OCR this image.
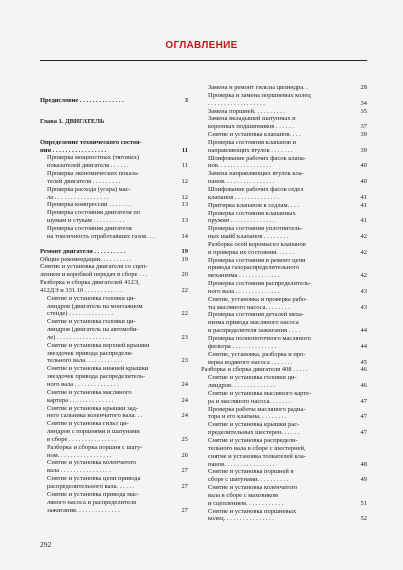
ОГЛАВЛЕНИЕ
Предисловие . . . . . . . . . . . . . .	3
Глава 1. ДВИГАТЕЛЬ
Определение технического состоя-
ния . . . . . . . . . . . . . . . . .	11
Проверка мощностных (тяговых)
показателей двигателя . . . . . .	11
Проверка экономических показа-
телей двигателя . . . . . . . . .	12
Проверка расхода (угара) мас-
ла . . . . . . . . . . . . . . . . .	12
Проверка компрессии . . . . . . .	13
Проверка состояния двигателя по
шумам и стукам . . . . . . . . . .	13
Проверка состояния двигателя
на токсичность отработавших газов. . .	14
Ремонт двигателя . . . . . . . . . .	19
Общие рекомендации. . . . . . . . . .	19
Снятие и установка двигателя со сцеп-
лением и коробкой передач в сборе . . .	20
Разборка и сборка двигателей 412Э,
412ДЭ и 331.10 . . . . . . . . . . . .	22
Снятие и установка головки ци-
линдров (двигатель на монтажном
стенде) . . . . . . . . . . . . . .	22
Снятие и установка головки ци-
линдров (двигатель на автомоби-
ле) . . . . . . . . . . . . . . . . .	23
Снятие и установка верхней крышки
звездочек привода распредели-
тельного вала. . . . . . . . . . . .	23
Снятие и установка нижней крышки
звездочек привода распределитель-
ного вала . . . . . . . . . . . . . .	24
Снятие и установка масляного
картера . . . . . . . . . . . . . .	24
Снятие и установка крышки зад-
него сальника коленчатого вала. . .	24
Снятие и установка гильз ци-
линдров с поршнями и шатунами
в сборе . . . . . . . . . . . . . . .	25
Разборка и сборка поршня с шату-
ном. . . . . . . . . . . . . . . . .	26
Снятие и установка коленчатого
вала . . . . . . . . . . . . . . . .	27
Снятие и установка цепи привода
распределительного вала. . . . . .	27
Снятие и установка привода мас-
ляного насоса и распределителя
зажигания. . . . . . . . . . . . . .	27
Замена и ремонт гильзы цилиндра. .	28
Проверка и замена поршневых колец
. . . . . . . . . . . . . . . . . .	34
Замена поршней. . . . . . . . . .	35
Замена вкладышей шатунных и
коренных подшипников . . . . . .	37
Снятие и установка клапанов. . . .	39
Проверка состояния клапанов и
направляющих втулок . . . . . . .	39
Шлифование рабочих фасок клапа-
нов. . . . . . . . . . . . . . . . .	40
Замена направляющих втулок кла-
панов. . . . . . . . . . . . . . . .	40
Шлифование рабочих фасок седел
клапанов . . . . . . . . . . . . . .	41
Притирка клапанов к седлам. . . .	41
Проверка состояния клапанных
пружин . . . . . . . . . . . . . .	41
Проверка состояния уплотнитель-
ных шайб клапанов . . . . . . . .	42
Разборка осей коромысел клапанов
и проверка их состояния. . . . . .	42
Проверка состояния и ремонт цепи
привода газораспределительного
механизма . . . . . . . . . . . . .	42
Проверка состояния распределитель-
ного вала . . . . . . . . . . . . . .	43
Снятие, установка и проверка рабо-
ты масляного насоса. . . . . . . .	43
Проверка состояния деталей меха-
низма привода масляного насоса
и распределителя зажигания . . . .	44
Проверка полнопоточного масляного
фильтра . . . . . . . . . . . . . .	44
Снятие, установка, разборка и про-
верка водяного насоса . . . . . . .	45
Разборка и сборка двигателя 408 . . . . .	46
Снятие и установка головки ци-
линдров. . . . . . . . . . . . . .	46
Снятие и установка масляного карте-
ра и масляного насоса. . . . . . .	47
Проверка работы масляного радиа-
тора и его клапана. . . . . . . . .	47
Снятие и установка крышки рас-
пределительных шестерен. . . . . .	47
Снятие и установка распредели-
тельного вала в сборе с шестерней,
снятие и установка толкателей кла-
панов. . . . . . . . . . . . . . . .	48
Снятие и установка поршней в
сборе с шатунами. . . . . . . . . .	49
Снятие и установка коленчатого
вала в сборе с маховиком
и сцеплением. . . . . . . . . . . .	51
Снятие и установка поршневых
колец. . . . . . . . . . . . . . . .	52
292
